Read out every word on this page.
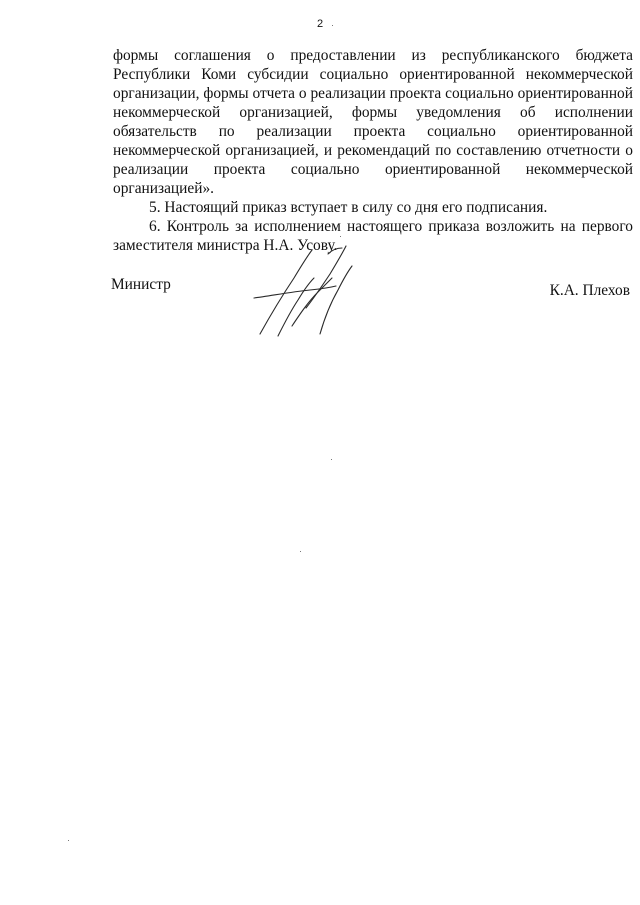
2
формы соглашения о предоставлении из республиканского бюджета
Республики Коми субсидии социально ориентированной некоммерческой
организации, формы отчета о реализации проекта социально ориентированной
некоммерческой организацией, формы уведомления об исполнении
обязательств по реализации проекта социально ориентированной
некоммерческой организацией, и рекомендаций по составлению отчетности о
реализации проекта социально ориентированной некоммерческой
организацией».
5. Настоящий приказ вступает в силу со дня его подписания.
6. Контроль за исполнением настоящего приказа возложить на первого
заместителя министра Н.А. Усову.
Министр	К.А. Плехов
